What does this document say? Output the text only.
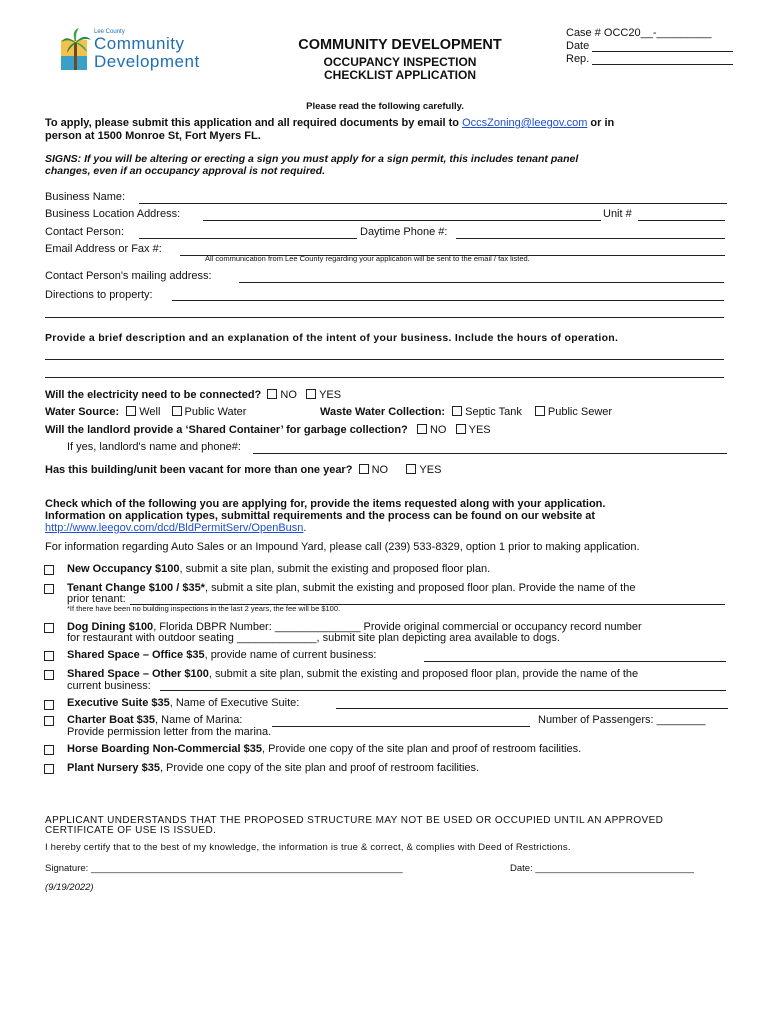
Lee County
Community
Development
COMMUNITY DEVELOPMENT
OCCUPANCY INSPECTION
CHECKLIST APPLICATION
Case # OCC20__-_________
Date
Rep.
Please read the following carefully.
To apply, please submit this application and all required documents by email to OccsZoning@leegov.com or in
person at 1500 Monroe St, Fort Myers FL.
SIGNS: If you will be altering or erecting a sign you must apply for a sign permit, this includes tenant panel
changes, even if an occupancy approval is not required.
Business Name:
Business Location Address:	Unit #
Contact Person:	Daytime Phone #:
Email Address or Fax #:
All communication from Lee County regarding your application will be sent to the email / fax listed.
Contact Person's mailing address:
Directions to property:
Provide a brief description and an explanation of the intent of your business. Include the hours of operation.
Will the electricity need to be connected? NO YES
Water Source: Well Public Water	Waste Water Collection: Septic Tank Public Sewer
Will the landlord provide a ‘Shared Container’ for garbage collection? NO YES
If yes, landlord's name and phone#:
Has this building/unit been vacant for more than one year? NO	YES
Check which of the following you are applying for, provide the items requested along with your application.
Information on application types, submittal requirements and the process can be found on our website at
http://www.leegov.com/dcd/BldPermitServ/OpenBusn.
For information regarding Auto Sales or an Impound Yard, please call (239) 533-8329, option 1 prior to making application.
New Occupancy $100, submit a site plan, submit the existing and proposed floor plan.
Tenant Change $100 / $35*, submit a site plan, submit the existing and proposed floor plan. Provide the name of the
prior tenant:
*If there have been no building inspections in the last 2 years, the fee will be $100.
Dog Dining $100, Florida DBPR Number: ______________ Provide original commercial or occupancy record number
for restaurant with outdoor seating _____________, submit site plan depicting area available to dogs.
Shared Space – Office $35, provide name of current business:
Shared Space – Other $100, submit a site plan, submit the existing and proposed floor plan, provide the name of the
current business:
Executive Suite $35, Name of Executive Suite:
Charter Boat $35, Name of Marina:	Number of Passengers: ________
Provide permission letter from the marina.
Horse Boarding Non-Commercial $35, Provide one copy of the site plan and proof of restroom facilities.
Plant Nursery $35, Provide one copy of the site plan and proof of restroom facilities.
APPLICANT UNDERSTANDS THAT THE PROPOSED STRUCTURE MAY NOT BE USED OR OCCUPIED UNTIL AN APPROVED
CERTIFICATE OF USE IS ISSUED.
I hereby certify that to the best of my knowledge, the information is true & correct, & complies with Deed of Restrictions.
Signature: ___________________________________________________________	Date: ______________________________
(9/19/2022)
